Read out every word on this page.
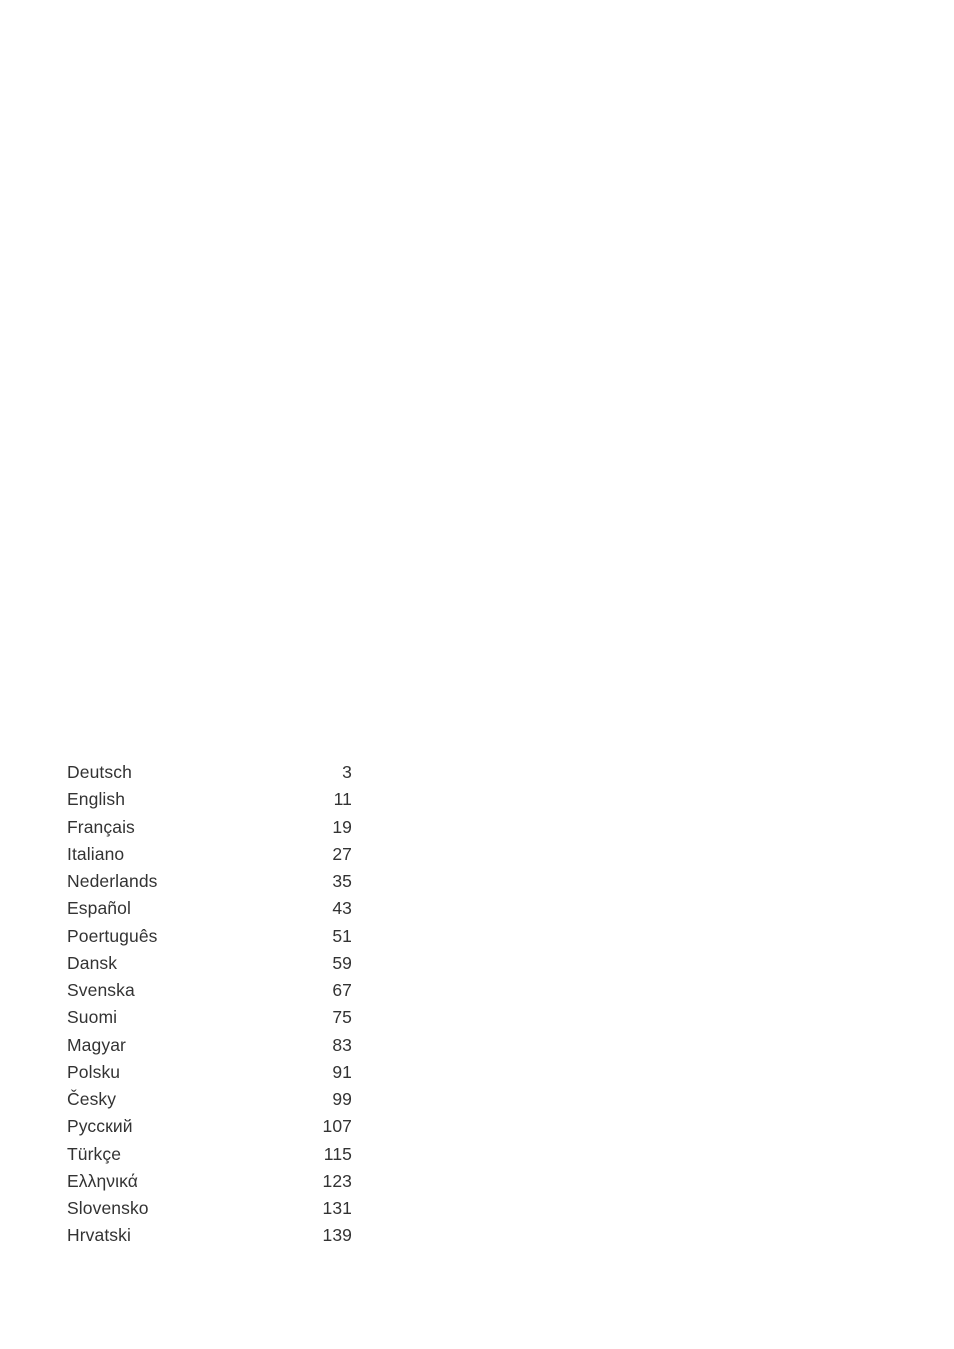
Deutsch	3
English	11
Français	19
Italiano	27
Nederlands	35
Español	43
Poertuguês	51
Dansk	59
Svenska	67
Suomi	75
Magyar	83
Polsku	91
Česky	99
Русский	107
Türkçe	115
Ελληνικά	123
Slovensko	131
Hrvatski	139
